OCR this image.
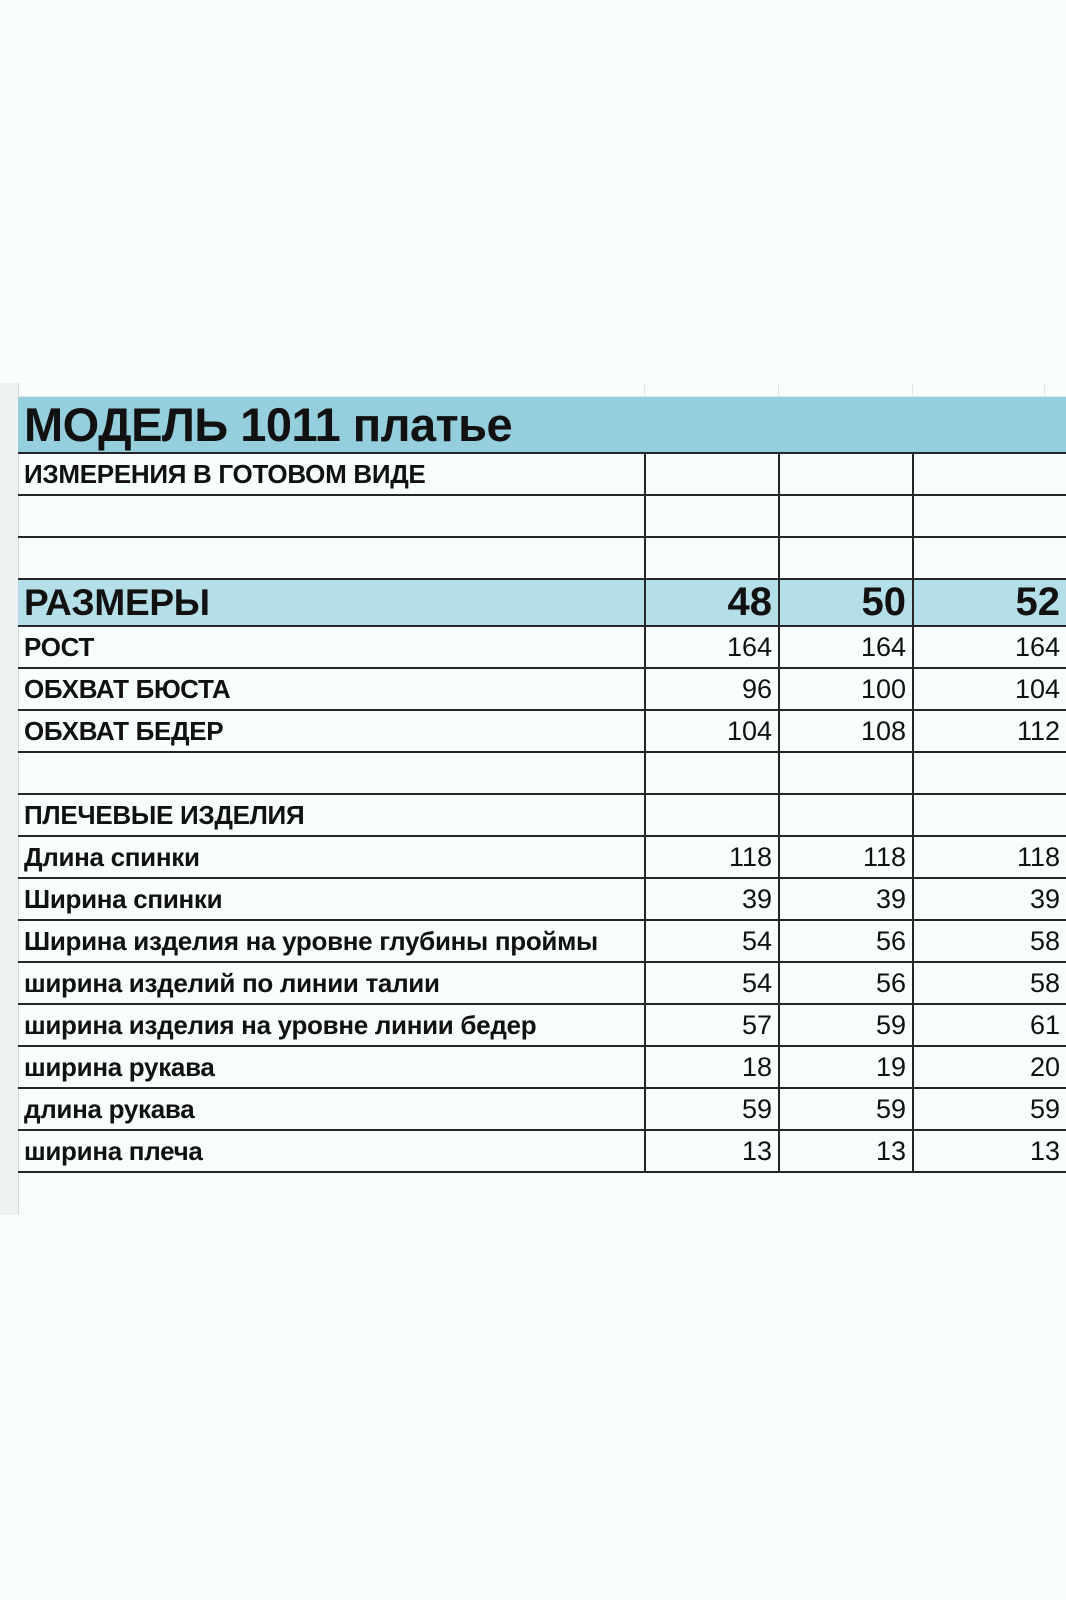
МОДЕЛЬ 1011 платье			
ИЗМЕРЕНИЯ В ГОТОВОМ ВИДЕ			

РАЗМЕРЫ	48	50	52
РОСТ	164	164	164
ОБХВАТ БЮСТА	96	100	104
ОБХВАТ БЕДЕР	104	108	112

ПЛЕЧЕВЫЕ ИЗДЕЛИЯ			
Длина спинки	118	118	118
Ширина спинки	39	39	39
Ширина изделия на уровне глубины проймы	54	56	58
ширина изделий по линии талии	54	56	58
ширина изделия на уровне линии бедер	57	59	61
ширина рукава	18	19	20
длина рукава	59	59	59
ширина плеча	13	13	13
